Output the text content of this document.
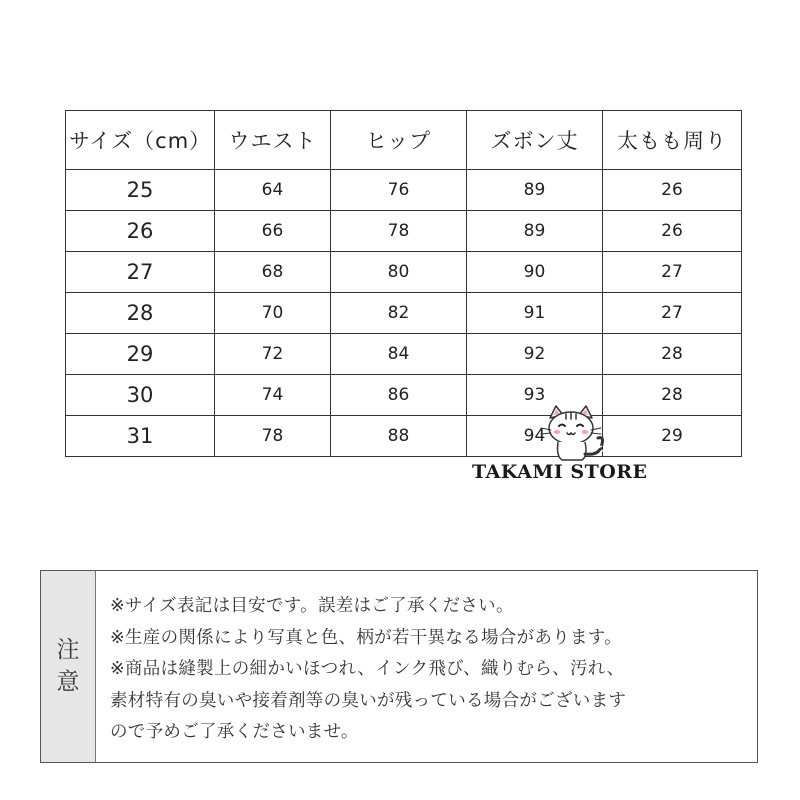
サイズ（cm）	ウエスト	ヒップ	ズボン丈	太もも周り
25	64	76	89	26
26	66	78	89	26
27	68	80	90	27
28	70	82	91	27
29	72	84	92	28
30	74	86	93	28
31	78	88	94	29
TAKAMI STORE
注
意
※サイズ表記は目安です。誤差はご了承ください。
※生産の関係により写真と色、柄が若干異なる場合があります。
※商品は縫製上の細かいほつれ、インク飛び、織りむら、汚れ、
素材特有の臭いや接着剤等の臭いが残っている場合がございます
ので予めご了承くださいませ。
